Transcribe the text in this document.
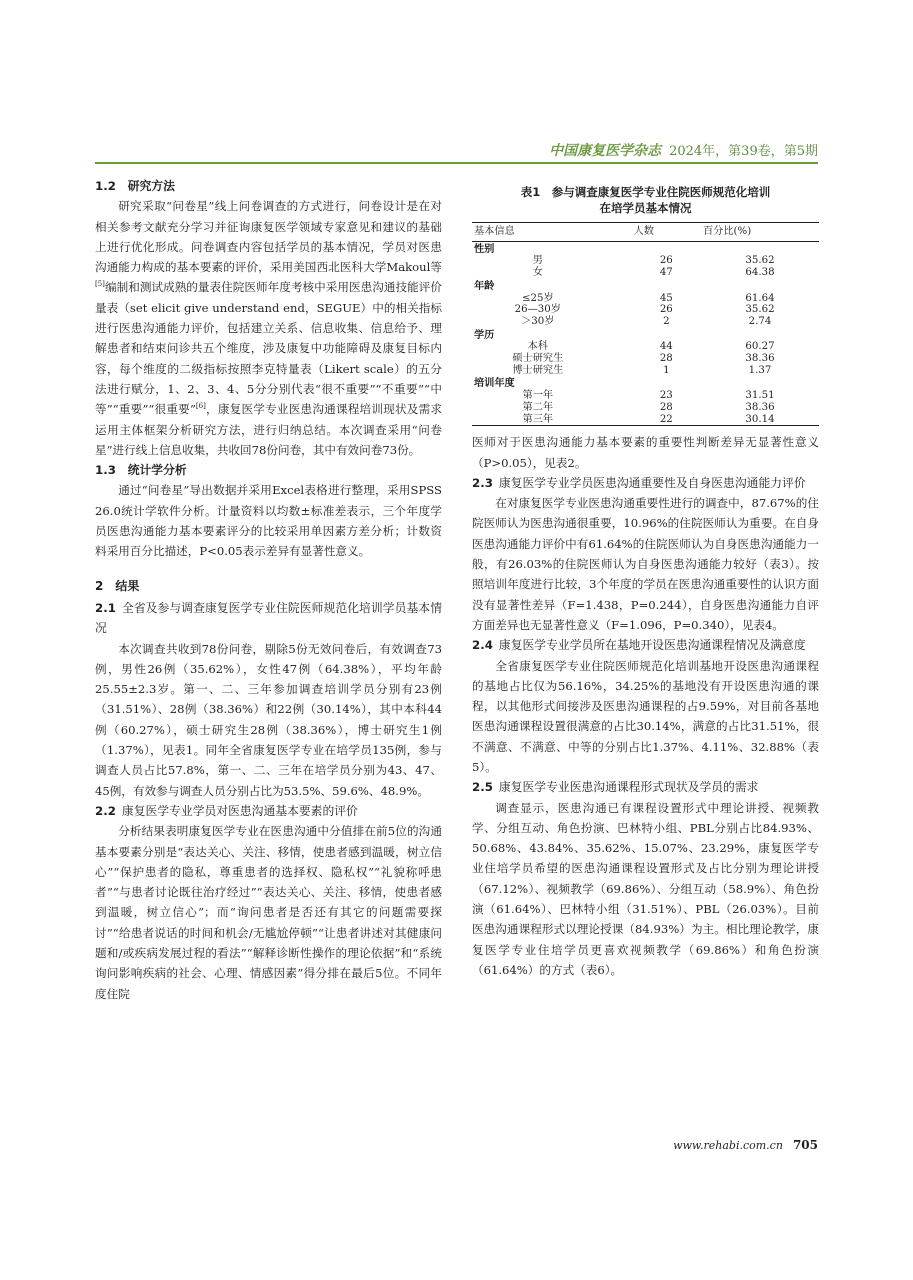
中国康复医学杂志 2024年，第39卷，第5期
1.2　研究方法

研究采取“问卷星”线上问卷调查的方式进行，问卷设计是在对相关参考文献充分学习并征询康复医学领域专家意见和建议的基础上进行优化形成。问卷调查内容包括学员的基本情况，学员对医患沟通能力构成的基本要素的评价，采用美国西北医科大学Makoul等[5]编制和测试成熟的量表住院医师年度考核中采用医患沟通技能评价量表（set elicit give understand end，SEGUE）中的相关指标进行医患沟通能力评价，包括建立关系、信息收集、信息给予、理解患者和结束问诊共五个维度，涉及康复中功能障碍及康复目标内容，每个维度的二级指标按照李克特量表（Likert scale）的五分法进行赋分，1、2、3、4、5分分别代表“很不重要”“不重要”“中等”“重要”“很重要”[6]，康复医学专业医患沟通课程培训现状及需求运用主体框架分析研究方法，进行归纳总结。本次调查采用“问卷星”进行线上信息收集，共收回78份问卷，其中有效问卷73份。

1.3　统计学分析

通过“问卷星”导出数据并采用Excel表格进行整理，采用SPSS 26.0统计学软件分析。计量资料以均数±标准差表示，三个年度学员医患沟通能力基本要素评分的比较采用单因素方差分析；计数资料采用百分比描述，P<0.05表示差异有显著性意义。

2　结果
2.1 全省及参与调查康复医学专业住院医师规范化培训学员基本情况

本次调查共收到78份问卷，剔除5份无效问卷后，有效调查73例，男性26例（35.62%），女性47例（64.38%），平均年龄25.55±2.3岁。第一、二、三年参加调查培训学员分别有23例（31.51%）、28例（38.36%）和22例（30.14%），其中本科44例（60.27%），硕士研究生28例（38.36%），博士研究生1例（1.37%），见表1。同年全省康复医学专业在培学员135例，参与调查人员占比57.8%，第一、二、三年在培学员分别为43、47、45例，有效参与调查人员分别占比为53.5%、59.6%、48.9%。

2.2 康复医学专业学员对医患沟通基本要素的评价

分析结果表明康复医学专业在医患沟通中分值排在前5位的沟通基本要素分别是“表达关心、关注、移情，使患者感到温暖，树立信心”“保护患者的隐私，尊重患者的选择权、隐私权”“礼貌称呼患者”“与患者讨论既往治疗经过”“表达关心、关注、移情，使患者感到温暖，树立信心”；而“询问患者是否还有其它的问题需要探讨”“给患者说话的时间和机会/无尴尬停顿”“让患者讲述对其健康问题和/或疾病发展过程的看法”“解释诊断性操作的理论依据”和“系统询问影响疾病的社会、心理、情感因素”得分排在最后5位。不同年度住院

表1　参与调查康复医学专业住院医师规范化培训
在培学员基本情况
基本信息	人数	百分比(%)
性别		
男	26	35.62
女	47	64.38
年龄		
≤25岁	45	61.64
26—30岁	26	35.62
＞30岁	2	2.74
学历		
本科	44	60.27
硕士研究生	28	38.36
博士研究生	1	1.37
培训年度		
第一年	23	31.51
第二年	28	38.36
第三年	22	30.14

医师对于医患沟通能力基本要素的重要性判断差异无显著性意义（P>0.05），见表2。

2.3 康复医学专业学员医患沟通重要性及自身医患沟通能力评价

在对康复医学专业医患沟通重要性进行的调查中，87.67%的住院医师认为医患沟通很重要，10.96%的住院医师认为重要。在自身医患沟通能力评价中有61.64%的住院医师认为自身医患沟通能力一般，有26.03%的住院医师认为自身医患沟通能力较好（表3）。按照培训年度进行比较，3个年度的学员在医患沟通重要性的认识方面没有显著性差异（F=1.438，P=0.244），自身医患沟通能力自评方面差异也无显著性意义（F=1.096，P=0.340），见表4。

2.4 康复医学专业学员所在基地开设医患沟通课程情况及满意度

全省康复医学专业住院医师规范化培训基地开设医患沟通课程的基地占比仅为56.16%，34.25%的基地没有开设医患沟通的课程，以其他形式间接涉及医患沟通课程的占9.59%，对目前各基地医患沟通课程设置很满意的占比30.14%，满意的占比31.51%，很不满意、不满意、中等的分别占比1.37%、4.11%、32.88%（表5）。

2.5 康复医学专业医患沟通课程形式现状及学员的需求

调查显示，医患沟通已有课程设置形式中理论讲授、视频教学、分组互动、角色扮演、巴林特小组、PBL分别占比84.93%、50.68%、43.84%、35.62%、15.07%、23.29%，康复医学专业住培学员希望的医患沟通课程设置形式及占比分别为理论讲授（67.12%）、视频教学（69.86%）、分组互动（58.9%）、角色扮演（61.64%）、巴林特小组（31.51%）、PBL（26.03%）。目前医患沟通课程形式以理论授课（84.93%）为主。相比理论教学，康复医学专业住培学员更喜欢视频教学（69.86%）和角色扮演（61.64%）的方式（表6）。

www.rehabi.com.cn 705
